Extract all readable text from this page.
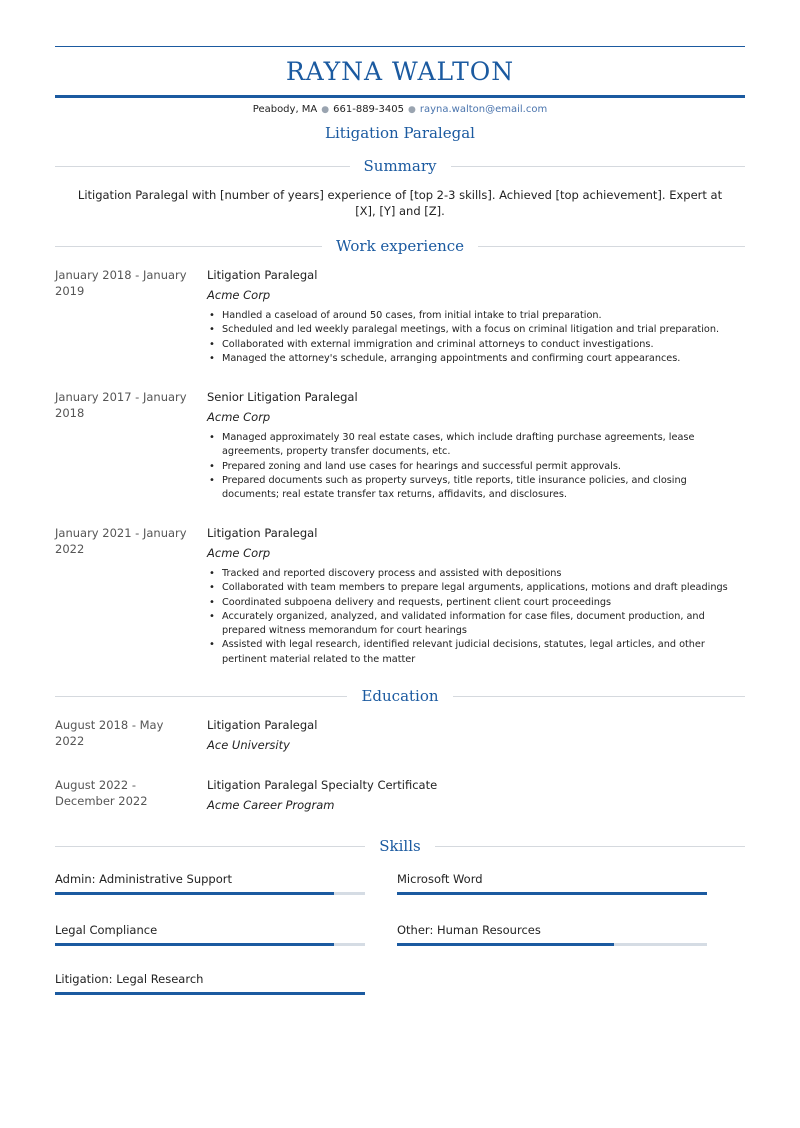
RAYNA WALTON
Peabody, MA ● 661-889-3405 ● rayna.walton@email.com
Litigation Paralegal
Summary
Litigation Paralegal with [number of years] experience of [top 2-3 skills]. Achieved [top achievement]. Expert at [X], [Y] and [Z].
Work experience
January 2018 - January 2019
Litigation Paralegal
Acme Corp
• Handled a caseload of around 50 cases, from initial intake to trial preparation.
• Scheduled and led weekly paralegal meetings, with a focus on criminal litigation and trial preparation.
• Collaborated with external immigration and criminal attorneys to conduct investigations.
• Managed the attorney's schedule, arranging appointments and confirming court appearances.
January 2017 - January 2018
Senior Litigation Paralegal
Acme Corp
• Managed approximately 30 real estate cases, which include drafting purchase agreements, lease agreements, property transfer documents, etc.
• Prepared zoning and land use cases for hearings and successful permit approvals.
• Prepared documents such as property surveys, title reports, title insurance policies, and closing documents; real estate transfer tax returns, affidavits, and disclosures.
January 2021 - January 2022
Litigation Paralegal
Acme Corp
• Tracked and reported discovery process and assisted with depositions
• Collaborated with team members to prepare legal arguments, applications, motions and draft pleadings
• Coordinated subpoena delivery and requests, pertinent client court proceedings
• Accurately organized, analyzed, and validated information for case files, document production, and prepared witness memorandum for court hearings
• Assisted with legal research, identified relevant judicial decisions, statutes, legal articles, and other pertinent material related to the matter
Education
August 2018 - May 2022
Litigation Paralegal
Ace University
August 2022 - December 2022
Litigation Paralegal Specialty Certificate
Acme Career Program
Skills
Admin: Administrative Support	Microsoft Word
Legal Compliance	Other: Human Resources
Litigation: Legal Research
